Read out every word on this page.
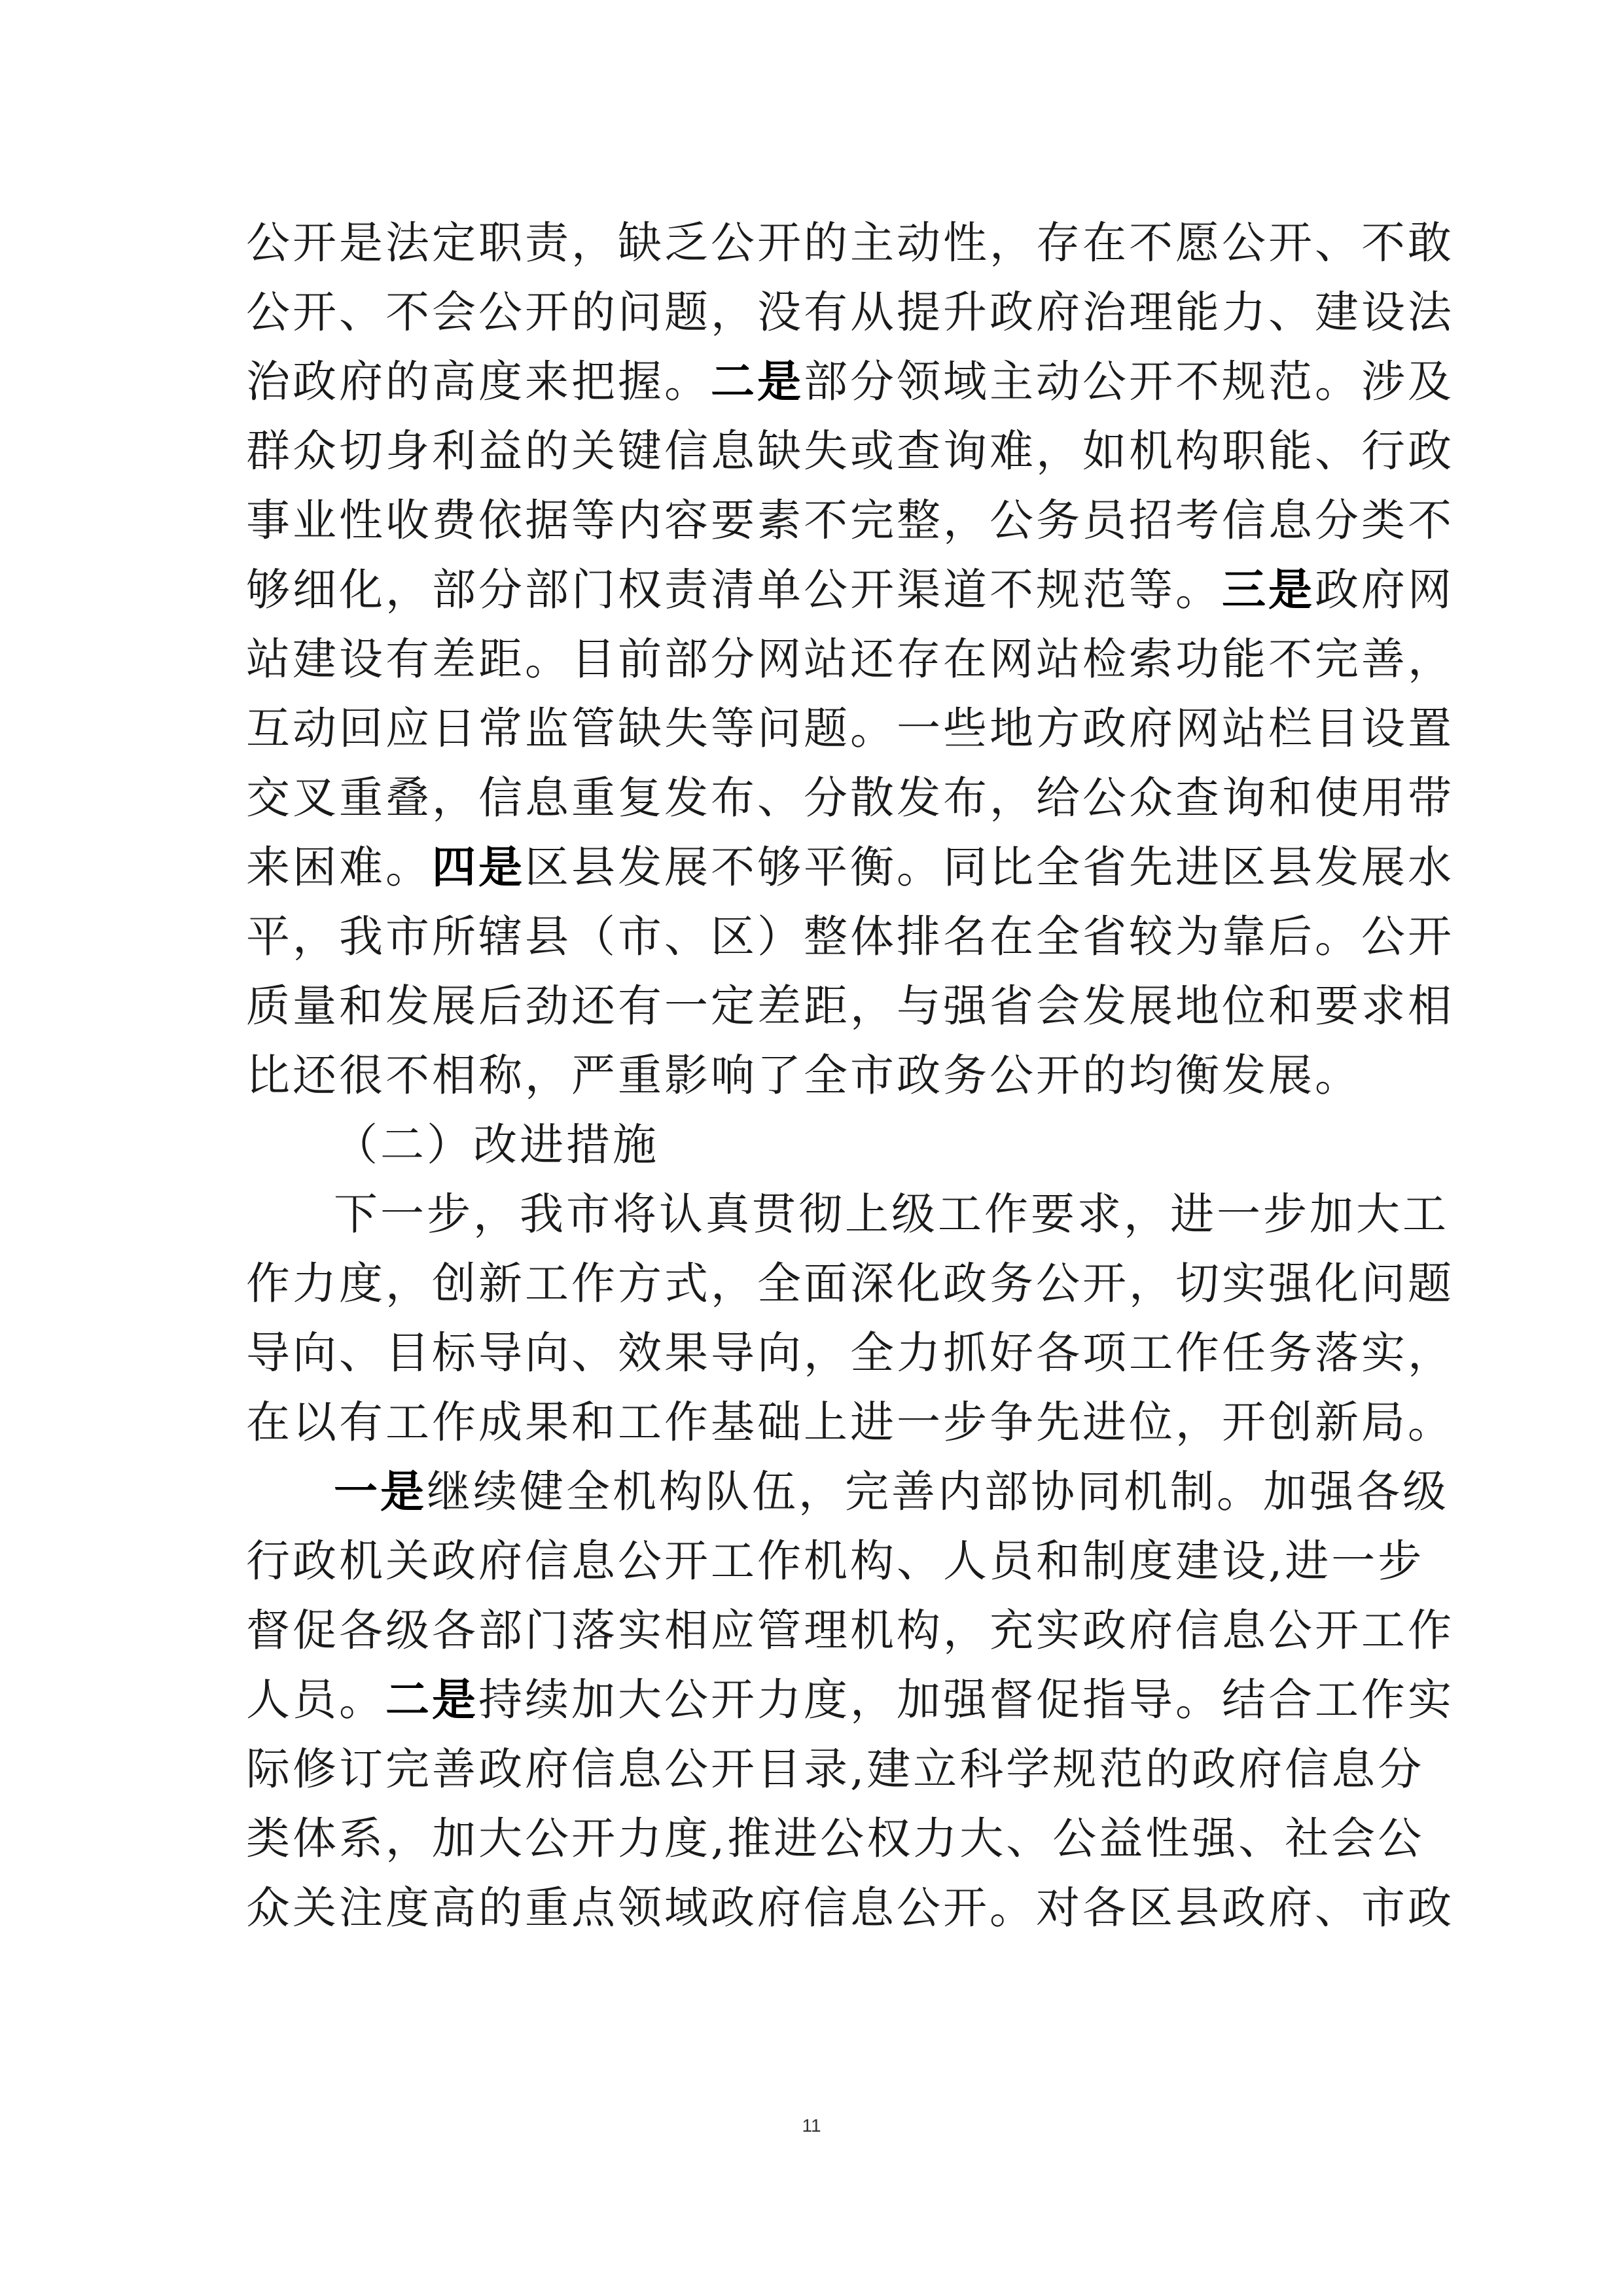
公开是法定职责，缺乏公开的主动性，存在不愿公开、不敢
公开、不会公开的问题，没有从提升政府治理能力、建设法
治政府的高度来把握。二是部分领域主动公开不规范。涉及
群众切身利益的关键信息缺失或查询难，如机构职能、行政
事业性收费依据等内容要素不完整，公务员招考信息分类不
够细化，部分部门权责清单公开渠道不规范等。三是政府网
站建设有差距。目前部分网站还存在网站检索功能不完善，
互动回应日常监管缺失等问题。一些地方政府网站栏目设置
交叉重叠，信息重复发布、分散发布，给公众查询和使用带
来困难。四是区县发展不够平衡。同比全省先进区县发展水
平，我市所辖县（市、区）整体排名在全省较为靠后。公开
质量和发展后劲还有一定差距，与强省会发展地位和要求相
比还很不相称，严重影响了全市政务公开的均衡发展。
（二）改进措施
下一步，我市将认真贯彻上级工作要求，进一步加大工
作力度，创新工作方式，全面深化政务公开，切实强化问题
导向、目标导向、效果导向，全力抓好各项工作任务落实，
在以有工作成果和工作基础上进一步争先进位，开创新局。
一是继续健全机构队伍，完善内部协同机制。加强各级
行政机关政府信息公开工作机构、人员和制度建设,进一步
督促各级各部门落实相应管理机构，充实政府信息公开工作
人员。二是持续加大公开力度，加强督促指导。结合工作实
际修订完善政府信息公开目录,建立科学规范的政府信息分
类体系，加大公开力度,推进公权力大、公益性强、社会公
众关注度高的重点领域政府信息公开。对各区县政府、市政
11
